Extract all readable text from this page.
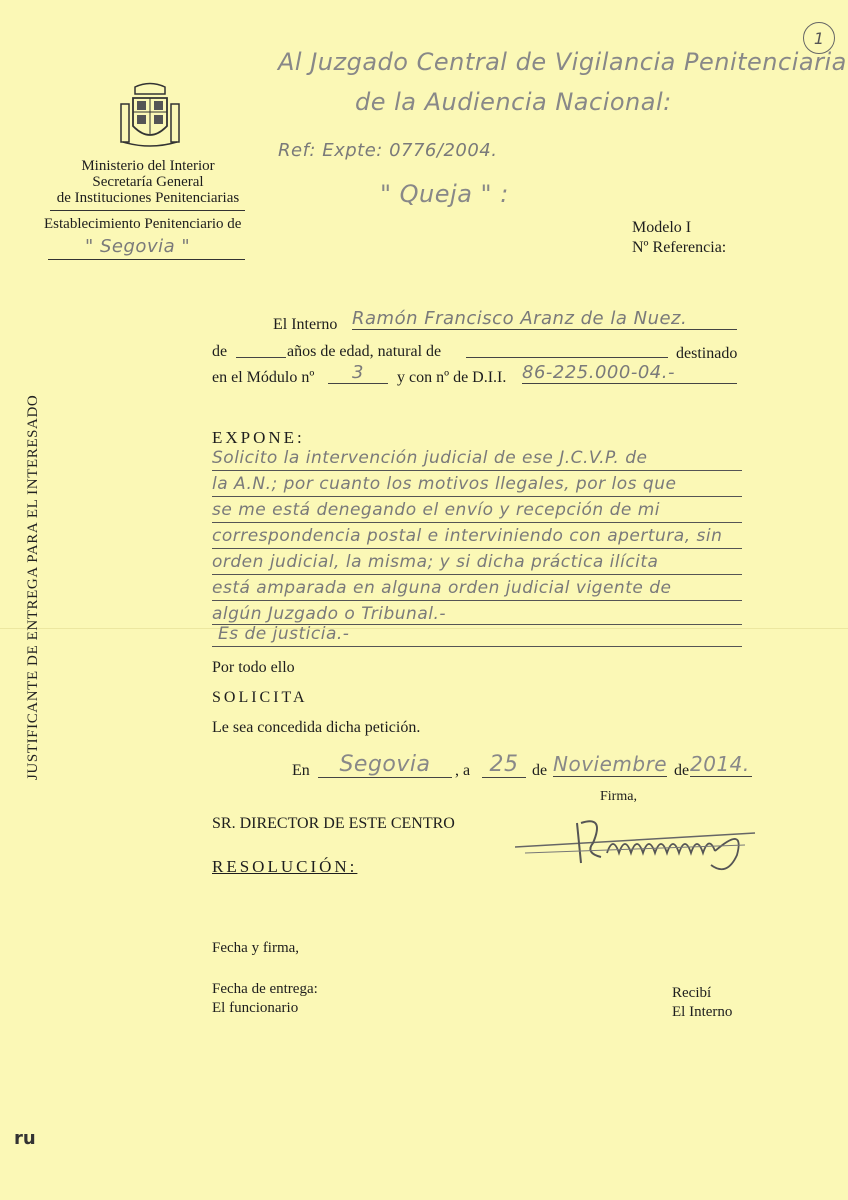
Ministerio del Interior
Secretaría General
de Instituciones Penitenciarias
Establecimiento Penitenciario de
" Segovia "
Al Juzgado Central de Vigilancia Penitenciaria
de la Audiencia Nacional:
Ref: Expte: 0776/2004.
" Queja " :
1
Modelo I
Nº Referencia:
El Interno Ramón Francisco Aranz de la Nuez.
de	años de edad, natural de	destinado
en el Módulo nº	3	y con nº de D.I.I. 86-225.000-04.-
EXPONE:
Solicito la intervención judicial de ese J.C.V.P. de
la A.N.; por cuanto los motivos llegales, por los que
se me está denegando el envío y recepción de mi
correspondencia postal e interviniendo con apertura, sin
orden judicial, la misma; y si dicha práctica ilícita
está amparada en alguna orden judicial vigente de
algún Juzgado o Tribunal.-
Es de justicia.-
Por todo ello
SOLICITA
Le sea concedida dicha petición.
En	Segovia	, a 25 de Noviembre de 2014.
Firma,
SR. DIRECTOR DE ESTE CENTRO
RESOLUCIÓN:
Fecha y firma,
Fecha de entrega:
El funcionario
Recibí
El Interno
JUSTIFICANTE DE ENTREGA PARA EL INTERESADO
ru
